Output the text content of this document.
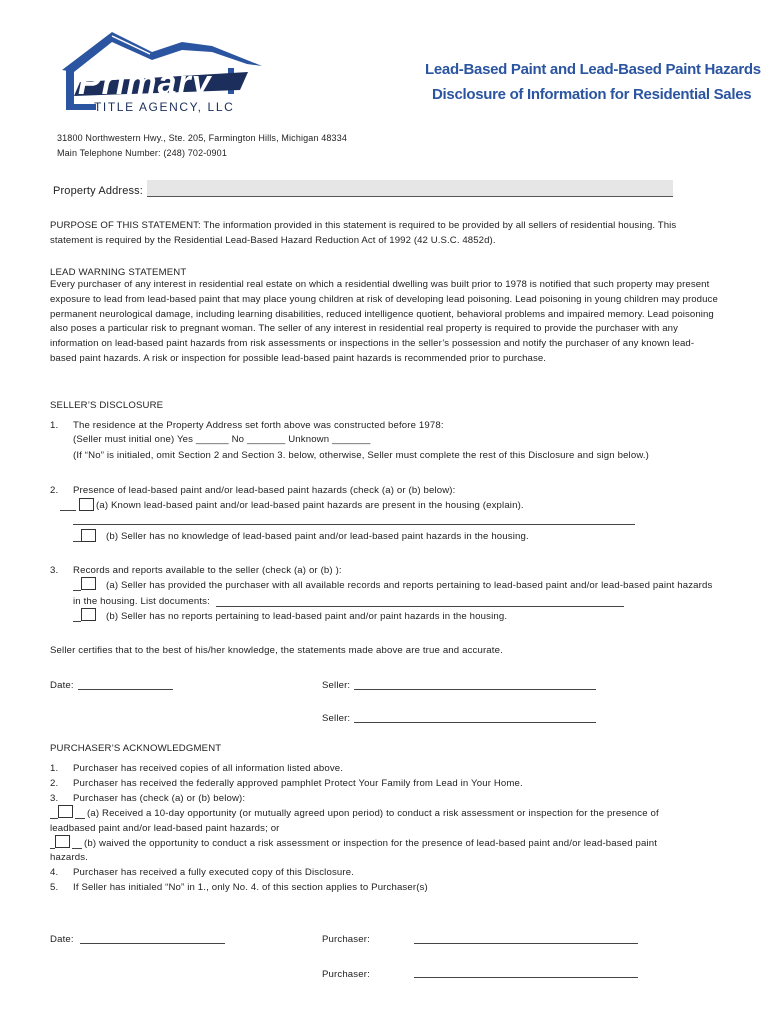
Primary
TITLE AGENCY, LLC
Lead-Based Paint and Lead-Based Paint Hazards
Disclosure of Information for Residential Sales
31800 Northwestern Hwy., Ste. 205, Farmington Hills, Michigan 48334
Main Telephone Number: (248) 702-0901
Property Address:
PURPOSE OF THIS STATEMENT: The information provided in this statement is required to be provided by all sellers of residential housing. This statement is required by the Residential Lead-Based Hazard Reduction Act of 1992 (42 U.S.C. 4852d).
LEAD WARNING STATEMENT
Every purchaser of any interest in residential real estate on which a residential dwelling was built prior to 1978 is notified that such property may present exposure to lead from lead-based paint that may place young children at risk of developing lead poisoning. Lead poisoning in young children may produce permanent neurological damage, including learning disabilities, reduced intelligence quotient, behavioral problems and impaired memory. Lead poisoning also poses a particular risk to pregnant woman. The seller of any interest in residential real property is required to provide the purchaser with any information on lead-based paint hazards from risk assessments or inspections in the seller’s possession and notify the purchaser of any known lead-based paint hazards. A risk or inspection for possible lead-based paint hazards is recommended prior to purchase.
SELLER’S DISCLOSURE
1. The residence at the Property Address set forth above was constructed before 1978:
(Seller must initial one) Yes ______ No _______ Unknown _______
(If “No” is initialed, omit Section 2 and Section 3. below, otherwise, Seller must complete the rest of this Disclosure and sign below.)
2. Presence of lead-based paint and/or lead-based paint hazards (check (a) or (b) below):
(a) Known lead-based paint and/or lead-based paint hazards are present in the housing (explain).
(b) Seller has no knowledge of lead-based paint and/or lead-based paint hazards in the housing.
3. Records and reports available to the seller (check (a) or (b) ):
(a) Seller has provided the purchaser with all available records and reports pertaining to lead-based paint and/or lead-based paint hazards
in the housing. List documents:
(b) Seller has no reports pertaining to lead-based paint and/or paint hazards in the housing.
Seller certifies that to the best of his/her knowledge, the statements made above are true and accurate.
Date:	Seller:
Seller:
PURCHASER’S ACKNOWLEDGMENT
1. Purchaser has received copies of all information listed above.
2. Purchaser has received the federally approved pamphlet Protect Your Family from Lead in Your Home.
3. Purchaser has (check (a) or (b) below):
(a) Received a 10-day opportunity (or mutually agreed upon period) to conduct a risk assessment or inspection for the presence of
leadbased paint and/or lead-based paint hazards; or
(b) waived the opportunity to conduct a risk assessment or inspection for the presence of lead-based paint and/or lead-based paint
hazards.
4. Purchaser has received a fully executed copy of this Disclosure.
5. If Seller has initialed “No” in 1., only No. 4. of this section applies to Purchaser(s)
Date:	Purchaser:
Purchaser:
